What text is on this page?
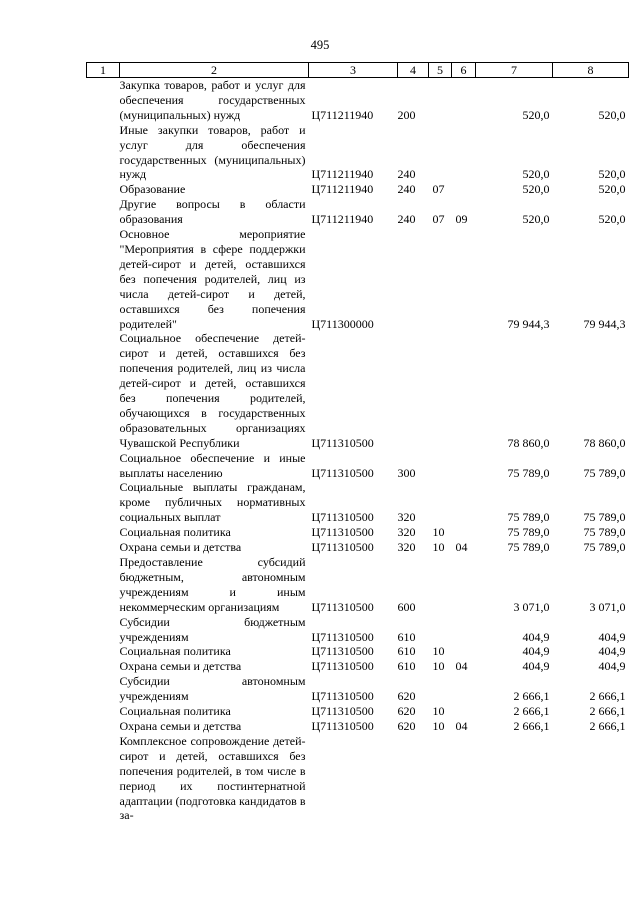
495
1	2	3	4	5	6	7	8
	Закупка товаров, работ и услуг для обеспечения государственных (муниципальных) нужд	Ц711211940	200			520,0	520,0
	Иные закупки товаров, работ и услуг для обеспечения государственных (муниципальных) нужд	Ц711211940	240			520,0	520,0
	Образование	Ц711211940	240	07		520,0	520,0
	Другие вопросы в области образования	Ц711211940	240	07	09	520,0	520,0
	Основное мероприятие "Мероприятия в сфере поддержки детей-сирот и детей, оставшихся без попечения родителей, лиц из числа детей-сирот и детей, оставшихся без попечения родителей"	Ц711300000				79 944,3	79 944,3
	Социальное обеспечение детей-сирот и детей, оставшихся без попечения родителей, лиц из числа детей-сирот и детей, оставшихся без попечения родителей, обучающихся в государственных образовательных организациях Чувашской Республики	Ц711310500				78 860,0	78 860,0
	Социальное обеспечение и иные выплаты населению	Ц711310500	300			75 789,0	75 789,0
	Социальные выплаты гражданам, кроме публичных нормативных социальных выплат	Ц711310500	320			75 789,0	75 789,0
	Социальная политика	Ц711310500	320	10		75 789,0	75 789,0
	Охрана семьи и детства	Ц711310500	320	10	04	75 789,0	75 789,0
	Предоставление субсидий бюджетным, автономным учреждениям и иным некоммерческим организациям	Ц711310500	600			3 071,0	3 071,0
	Субсидии бюджетным учреждениям	Ц711310500	610			404,9	404,9
	Социальная политика	Ц711310500	610	10		404,9	404,9
	Охрана семьи и детства	Ц711310500	610	10	04	404,9	404,9
	Субсидии автономным учреждениям	Ц711310500	620			2 666,1	2 666,1
	Социальная политика	Ц711310500	620	10		2 666,1	2 666,1
	Охрана семьи и детства	Ц711310500	620	10	04	2 666,1	2 666,1
	Комплексное сопровождение детей-сирот и детей, оставшихся без попечения родителей, в том числе в период их постинтернатной адаптации (подготовка кандидатов в за-						
